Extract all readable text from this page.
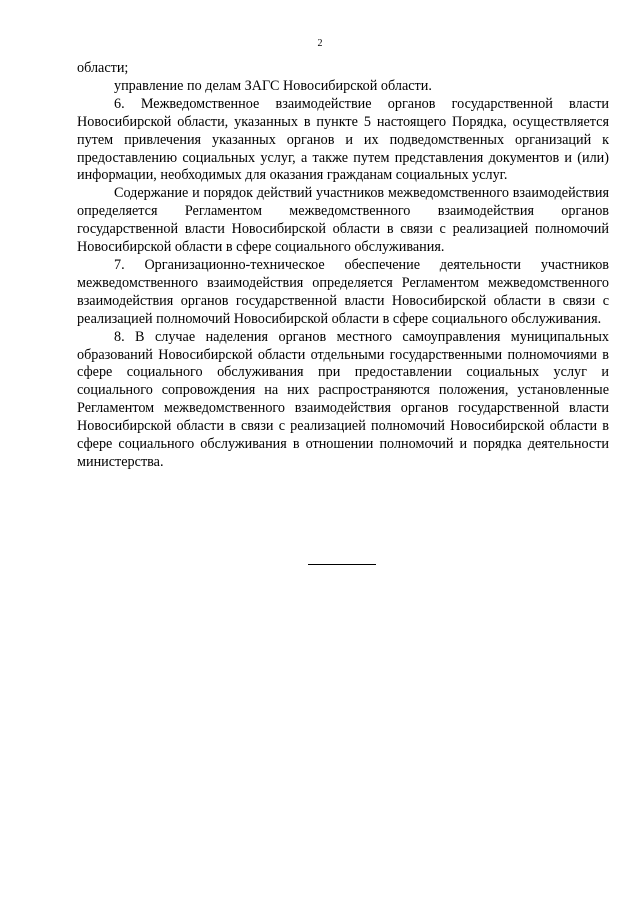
2

области;

управление по делам ЗАГС Новосибирской области.

6. Межведомственное взаимодействие органов государственной власти Новосибирской области, указанных в пункте 5 настоящего Порядка, осуществляется путем привлечения указанных органов и их подведомственных организаций к предоставлению социальных услуг, а также путем представления документов и (или) информации, необходимых для оказания гражданам социальных услуг.

Содержание и порядок действий участников межведомственного взаимодействия определяется Регламентом межведомственного взаимодействия органов государственной власти Новосибирской области в связи с реализацией полномочий Новосибирской области в сфере социального обслуживания.

7. Организационно-техническое обеспечение деятельности участников межведомственного взаимодействия определяется Регламентом межведомственного взаимодействия органов государственной власти Новосибирской области в связи с реализацией полномочий Новосибирской области в сфере социального обслуживания.

8. В случае наделения органов местного самоуправления муниципальных образований Новосибирской области отдельными государственными полномочиями в сфере социального обслуживания при предоставлении социальных услуг и социального сопровождения на них распространяются положения, установленные Регламентом межведомственного взаимодействия органов государственной власти Новосибирской области в связи с реализацией полномочий Новосибирской области в сфере социального обслуживания в отношении полномочий и порядка деятельности министерства.
